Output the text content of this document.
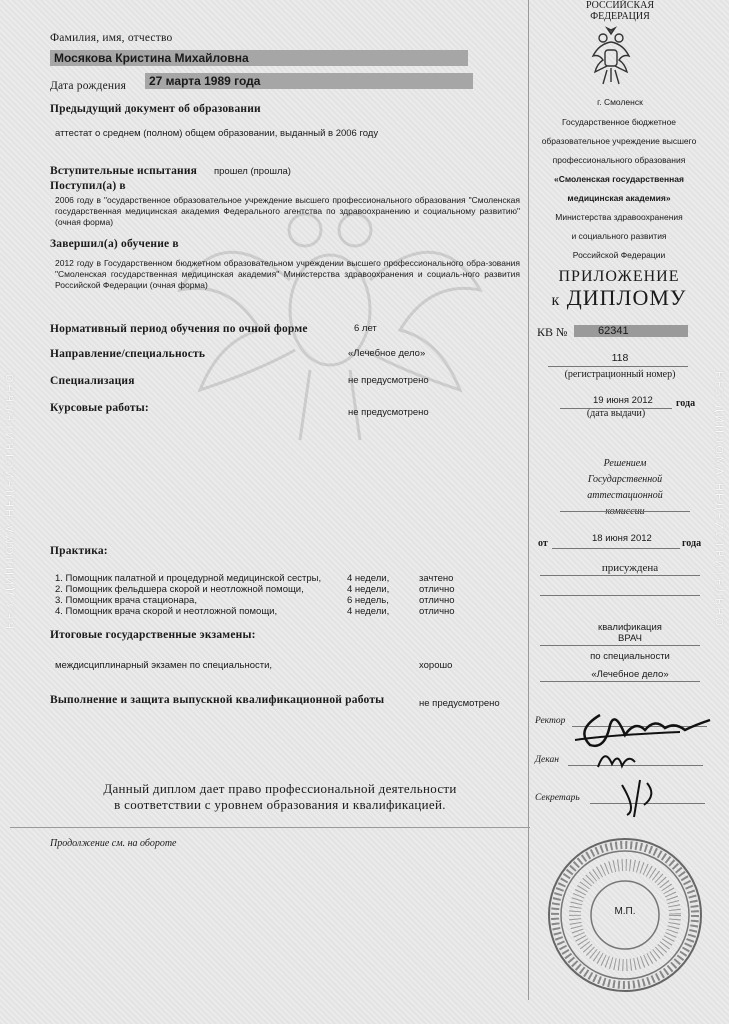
БЕЗ ДИПЛОМА НЕДЕЙСТВИТЕЛЬНО	БЕЗ ДИПЛОМА НЕДЕЙСТВИТЕЛЬНО
Фамилия, имя, отчество
Мосякова Кристина Михайловна
Дата рождения	27 марта 1989 года
Предыдущий документ об образовании
аттестат о среднем (полном) общем образовании, выданный в 2006 году
Вступительные испытания прошел (прошла)
Поступил(а) в
2006 году в "осударственное образовательное учреждение высшего профессионального образования "Смоленская государственная медицинская академия Федерального агентства по здравоохранению и социальному развитию" (очная форма)
Завершил(а) обучение в
2012 году в Государственном бюджетном образовательном учреждении высшего профессионального обра-зования "Смоленская государственная медицинская академия" Министерства здравоохранения и социаль-ного развития Российской Федерации (очная форма)
Нормативный период обучения по очной форме	6 лет
Направление/специальность	«Лечебное дело»
Специализация	не предусмотрено
Курсовые работы:	не предусмотрено
Практика:
1. Помощник палатной и процедурной медицинской сестры,	4 недели,	зачтено
2. Помощник фельдшера скорой и неотложной помощи,	4 недели,	отлично
3. Помощник врача стационара,	6 недель,	отлично
4. Помощник врача скорой и неотложной помощи,	4 недели,	отлично
Итоговые государственные экзамены:
междисциплинарный экзамен по специальности,	хорошо
Выполнение и защита выпускной квалификационной работы	не предусмотрено
Данный диплом дает право профессиональной деятельности
в соответствии с уровнем образования и квалификацией.
Продолжение см. на обороте
РОССИЙСКАЯ
ФЕДЕРАЦИЯ
г. Смоленск
Государственное бюджетное
образовательное учреждение высшего
профессионального образования
«Смоленская государственная
медицинская академия»
Министерства здравоохранения
и социального развития
Российской Федерации
ПРИЛОЖЕНИЕ
к ДИПЛОМУ
КВ №	62341
118
(регистрационный номер)
19 июня 2012 года
(дата выдачи)
Решением
Государственной
аттестационной
от	18 июня 2012	года
присуждена
квалификация
ВРАЧ
по специальности
«Лечебное дело»
Ректор
Декан
Секретарь
М.П.
